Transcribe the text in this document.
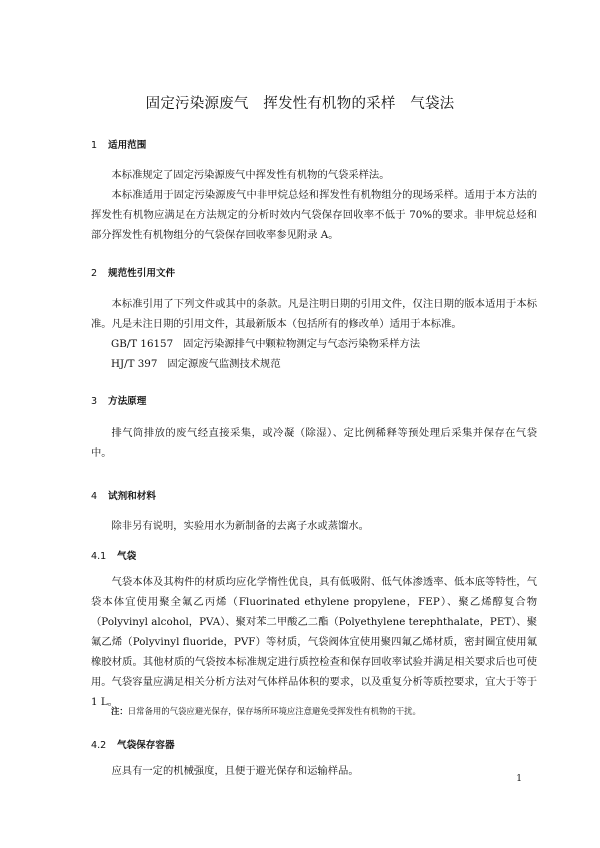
固定污染源废气　挥发性有机物的采样　气袋法
1 适用范围

本标准规定了固定污染源废气中挥发性有机物的气袋采样法。

本标准适用于固定污染源废气中非甲烷总烃和挥发性有机物组分的现场采样。适用于本方法的挥发性有机物应满足在方法规定的分析时效内气袋保存回收率不低于 70%的要求。非甲烷总烃和部分挥发性有机物组分的气袋保存回收率参见附录 A。

2 规范性引用文件

本标准引用了下列文件或其中的条款。凡是注明日期的引用文件，仅注日期的版本适用于本标准。凡是未注日期的引用文件，其最新版本（包括所有的修改单）适用于本标准。

GB/T 16157 固定污染源排气中颗粒物测定与气态污染物采样方法
HJ/T 397 固定源废气监测技术规范
3 方法原理

排气筒排放的废气经直接采集，或冷凝（除湿）、定比例稀释等预处理后采集并保存在气袋中。

4 试剂和材料

除非另有说明，实验用水为新制备的去离子水或蒸馏水。

4.1 气袋

气袋本体及其构件的材质均应化学惰性优良，具有低吸附、低气体渗透率、低本底等特性，气袋本体宜使用聚全氟乙丙烯（Fluorinated ethylene propylene，FEP）、聚乙烯醇复合物（Polyvinyl alcohol，PVA）、聚对苯二甲酸乙二酯（Polyethylene terephthalate，PET）、聚氟乙烯（Polyvinyl fluoride，PVF）等材质，气袋阀体宜使用聚四氟乙烯材质，密封圈宜使用氟橡胶材质。其他材质的气袋按本标准规定进行质控检查和保存回收率试验并满足相关要求后也可使用。 气袋容量应满足相关分析方法对气体样品体积的要求，以及重复分析等质控要求，宜大于等于 1 L。

注：日常备用的气袋应避光保存，保存场所环境应注意避免受挥发性有机物的干扰。
4.2 气袋保存容器

应具有一定的机械强度，且便于避光保存和运输样品。

1
